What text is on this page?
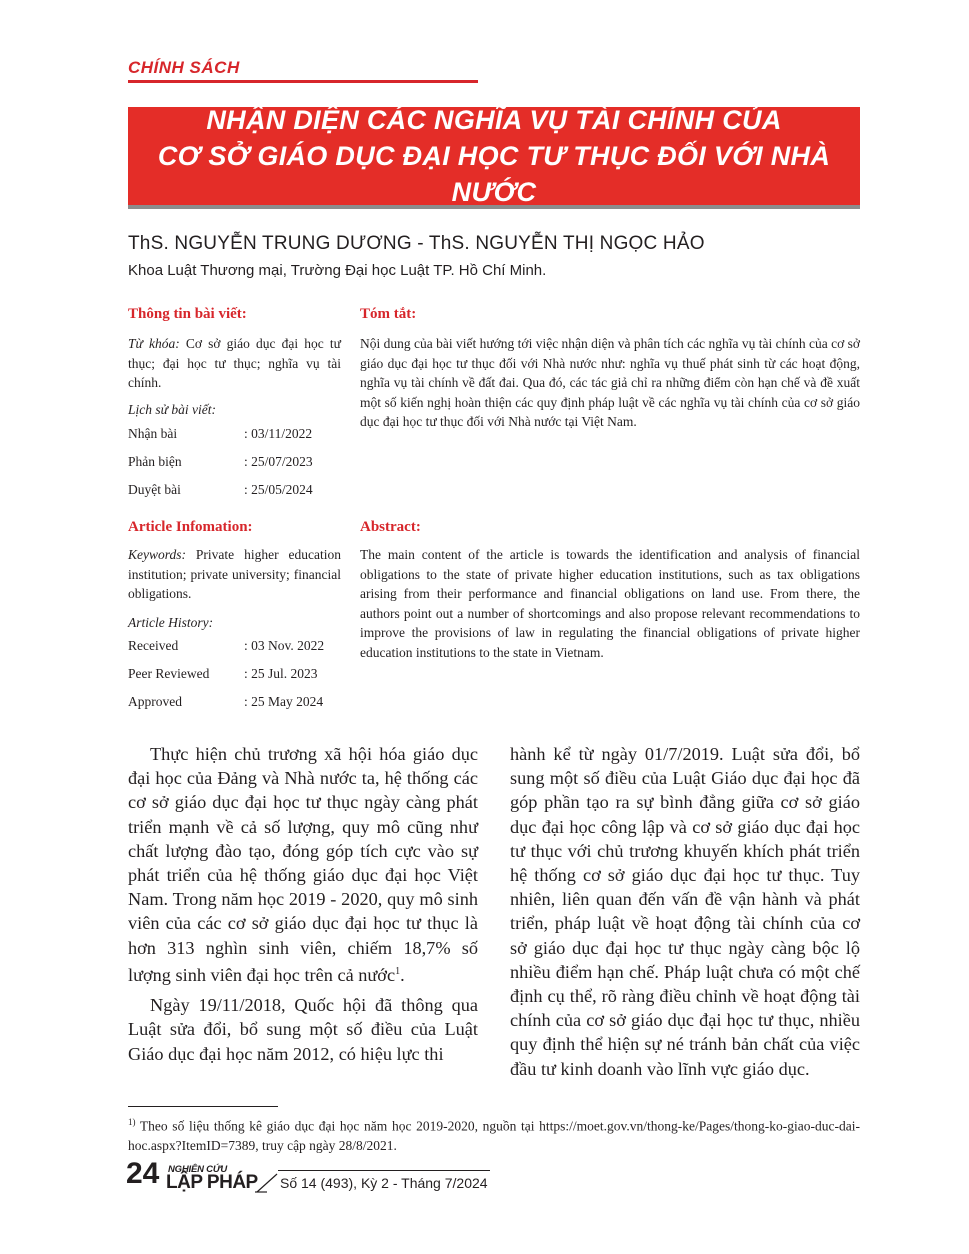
CHÍNH SÁCH
NHẬN DIỆN CÁC NGHĨA VỤ TÀI CHÍNH CỦA
CƠ SỞ GIÁO DỤC ĐẠI HỌC TƯ THỤC ĐỐI VỚI NHÀ NƯỚC
ThS. NGUYỄN TRUNG DƯƠNG - ThS. NGUYỄN THỊ NGỌC HẢO
Khoa Luật Thương mại, Trường Đại học Luật TP. Hồ Chí Minh.
Thông tin bài viết:
Từ khóa: Cơ sở giáo dục đại học tư thục; đại học tư thục; nghĩa vụ tài chính.
Lịch sử bài viết:
Nhận bài	: 03/11/2022
Phản biện	: 25/07/2023
Duyệt bài	: 25/05/2024
Tóm tắt:
Nội dung của bài viết hướng tới việc nhận diện và phân tích các nghĩa vụ tài chính của cơ sở giáo dục đại học tư thục đối với Nhà nước như: nghĩa vụ thuế phát sinh từ các hoạt động, nghĩa vụ tài chính về đất đai. Qua đó, các tác giả chỉ ra những điểm còn hạn chế và đề xuất một số kiến nghị hoàn thiện các quy định pháp luật về các nghĩa vụ tài chính của cơ sở giáo dục đại học tư thục đối với Nhà nước tại Việt Nam.
Article Infomation:
Keywords: Private higher education institution; private university; financial obligations.
Article History:
Received	: 03 Nov. 2022
Peer Reviewed	: 25 Jul. 2023
Approved	: 25 May 2024
Abstract:
The main content of the article is towards the identification and analysis of financial obligations to the state of private higher education institutions, such as tax obligations arising from their performance and financial obligations on land use. From there, the authors point out a number of shortcomings and also propose relevant recommendations to improve the provisions of law in regulating the financial obligations of private higher education institutions to the state in Vietnam.

Thực hiện chủ trương xã hội hóa giáo dục đại học của Đảng và Nhà nước ta, hệ thống các cơ sở giáo dục đại học tư thục ngày càng phát triển mạnh về cả số lượng, quy mô cũng như chất lượng đào tạo, đóng góp tích cực vào sự phát triển của hệ thống giáo dục đại học Việt Nam. Trong năm học 2019 - 2020, quy mô sinh viên của các cơ sở giáo dục đại học tư thục là hơn 313 nghìn sinh viên, chiếm 18,7% số lượng sinh viên đại học trên cả nước$^1$.

Ngày 19/11/2018, Quốc hội đã thông qua Luật sửa đổi, bổ sung một số điều của Luật Giáo dục đại học năm 2012, có hiệu lực thi

hành kể từ ngày 01/7/2019. Luật sửa đổi, bổ sung một số điều của Luật Giáo dục đại học đã góp phần tạo ra sự bình đẳng giữa cơ sở giáo dục đại học công lập và cơ sở giáo dục đại học tư thục với chủ trương khuyến khích phát triển hệ thống cơ sở giáo dục đại học tư thục. Tuy nhiên, liên quan đến vấn đề vận hành và phát triển, pháp luật về hoạt động tài chính của cơ sở giáo dục đại học tư thục ngày càng bộc lộ nhiều điểm hạn chế. Pháp luật chưa có một chế định cụ thể, rõ ràng điều chỉnh về hoạt động tài chính của cơ sở giáo dục đại học tư thục, nhiều quy định thể hiện sự né tránh bản chất của việc đầu tư kinh doanh vào lĩnh vực giáo dục.

$^{1)}$ Theo số liệu thống kê giáo dục đại học năm học 2019-2020, nguồn tại https://moet.gov.vn/thong-ke/Pages/thong-ko-giao-duc-dai-hoc.aspx?ItemID=7389, truy cập ngày 28/8/2021.
24 NGHIÊN CỨU
LẬP PHÁP Số 14 (493), Kỳ 2 - Tháng 7/2024
